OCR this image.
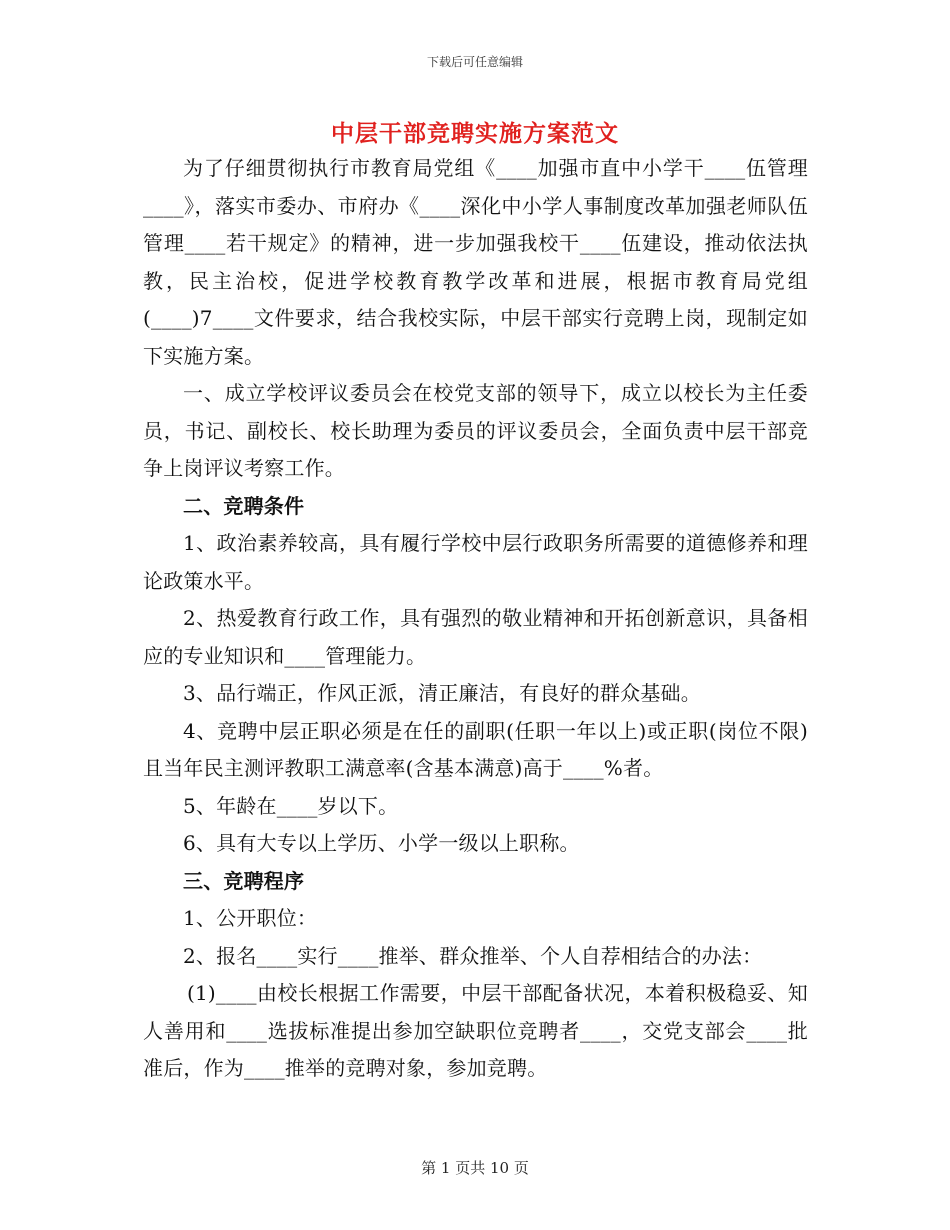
下载后可任意编辑
中层干部竞聘实施方案范文

为了仔细贯彻执行市教育局党组《____加强市直中小学干____伍管理____》，落实市委办、市府办《____深化中小学人事制度改革加强老师队伍管理____若干规定》的精神，进一步加强我校干____伍建设，推动依法执教，民主治校，促进学校教育教学改革和进展，根据市教育局党组(____)7____文件要求，结合我校实际，中层干部实行竞聘上岗，现制定如下实施方案。

一、成立学校评议委员会在校党支部的领导下，成立以校长为主任委员，书记、副校长、校长助理为委员的评议委员会，全面负责中层干部竞争上岗评议考察工作。

二、竞聘条件

1、政治素养较高，具有履行学校中层行政职务所需要的道德修养和理论政策水平。

2、热爱教育行政工作，具有强烈的敬业精神和开拓创新意识，具备相应的专业知识和____管理能力。

3、品行端正，作风正派，清正廉洁，有良好的群众基础。

4、竞聘中层正职必须是在任的副职(任职一年以上)或正职(岗位不限)且当年民主测评教职工满意率(含基本满意)高于____%者。

5、年龄在____岁以下。

6、具有大专以上学历、小学一级以上职称。

三、竞聘程序

1、公开职位：

2、报名____实行____推举、群众推举、个人自荐相结合的办法：

(1)____由校长根据工作需要，中层干部配备状况，本着积极稳妥、知人善用和____选拔标准提出参加空缺职位竞聘者____，交党支部会____批准后，作为____推举的竞聘对象，参加竞聘。

第 1 页共 10 页
